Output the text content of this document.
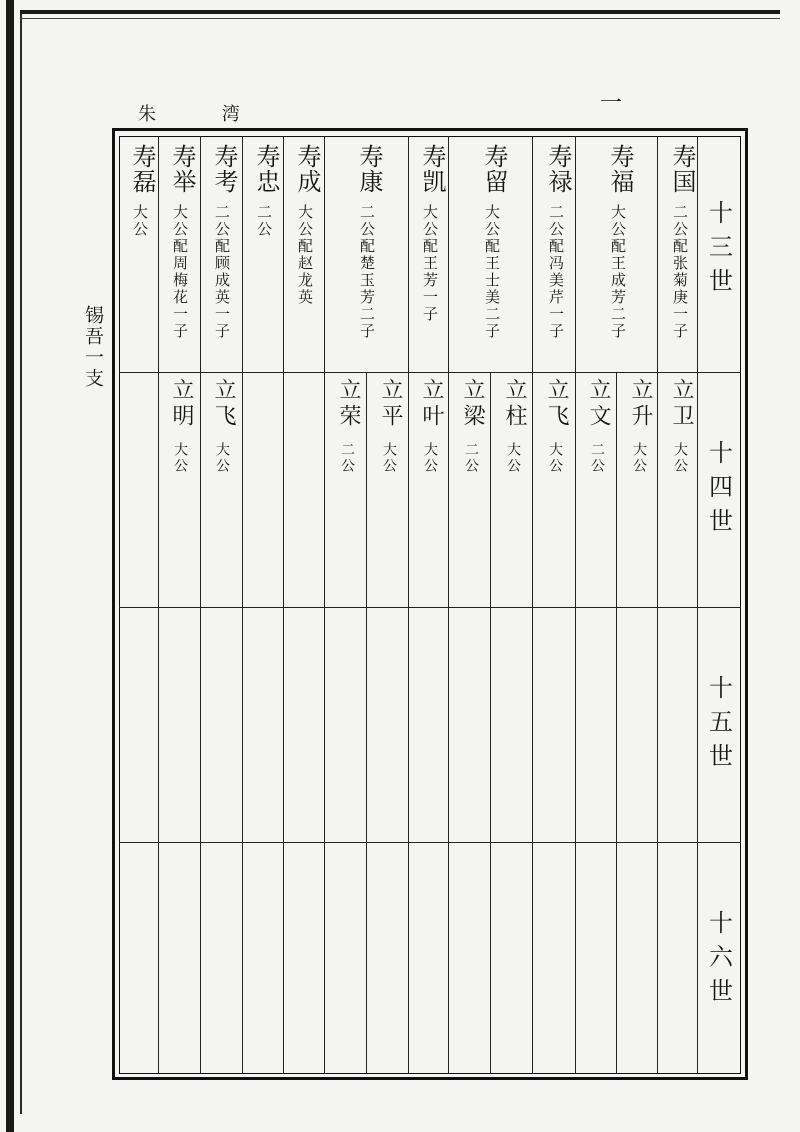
朱 湾	一
锡吾一支
十三世
十四世
十五世
十六世
寿国
二公配张菊庚一子
寿福
大公配王成芳二子
寿禄
二公配冯美芹一子
寿留
大公配王士美二子
寿凯
大公配王芳一子
寿康
二公配楚玉芳二子
寿成
大公配赵龙英
寿忠
二公
寿考
二公配顾成英一子
寿举
大公配周梅花一子
寿磊
大公
立卫
大公
立升
大公
立文
二公
立飞
大公
立柱
大公
立梁
二公
立叶
大公
立平
大公
立荣
二公
立飞
大公
立明
大公
